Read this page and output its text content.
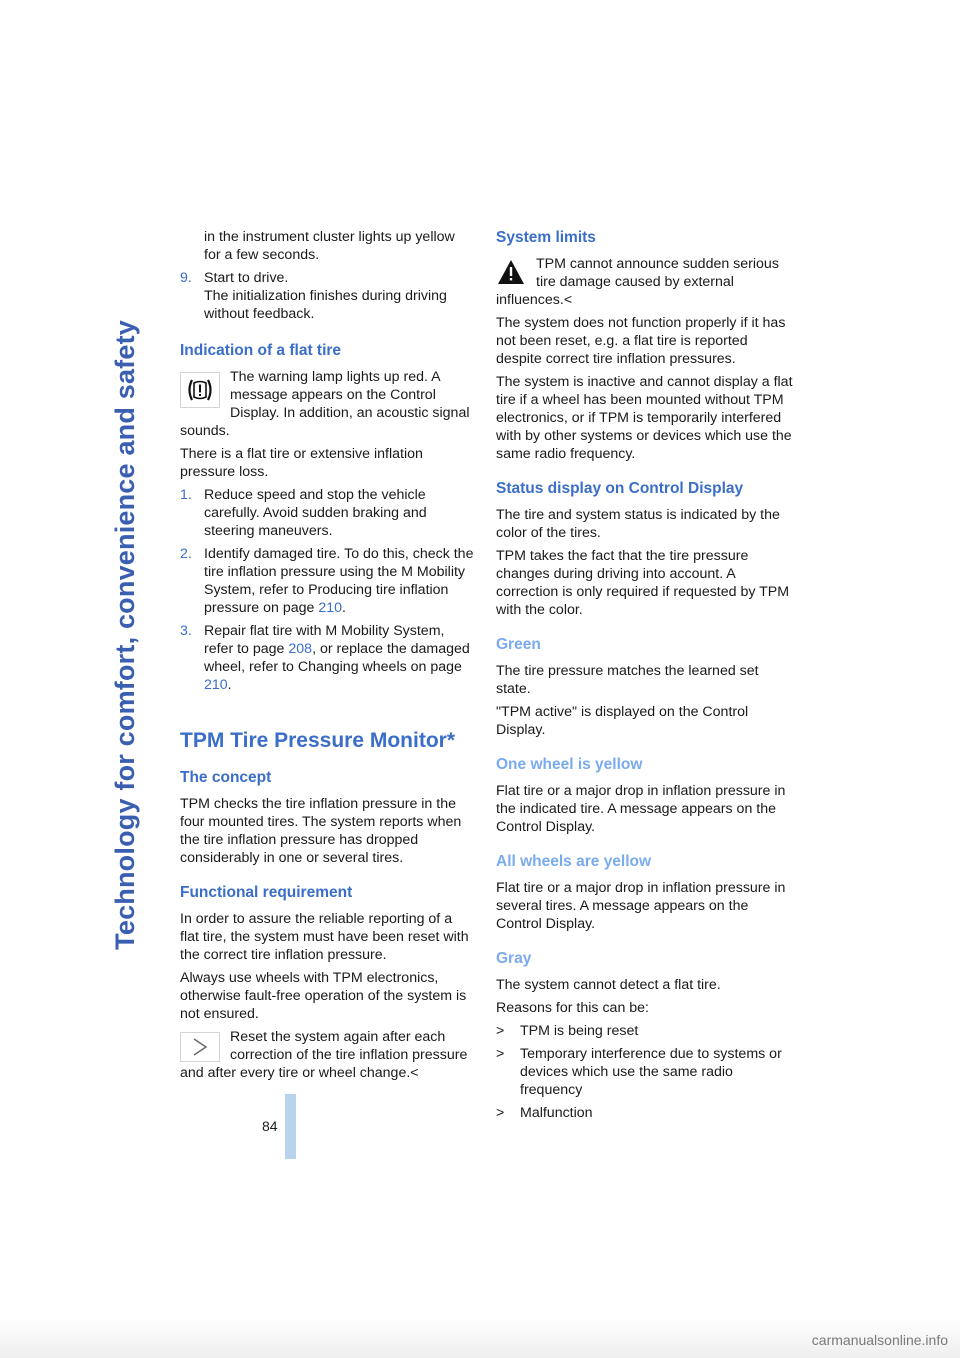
Technology for comfort, convenience and safety
84

in the instrument cluster lights up yellow for a few seconds.

9. Start to drive.
The initialization finishes during driving without feedback.
Indication of a flat tire
The warning lamp lights up red. A message appears on the Control Display. In addition, an acoustic signal sounds.

There is a flat tire or extensive inflation pressure loss.

1. Reduce speed and stop the vehicle carefully. Avoid sudden braking and steering maneuvers.
2. Identify damaged tire. To do this, check the tire inflation pressure using the M Mobility System, refer to Producing tire inflation pressure on page 210.
3. Repair flat tire with M Mobility System, refer to page 208, or replace the damaged wheel, refer to Changing wheels on page 210.
TPM Tire Pressure Monitor*
The concept

TPM checks the tire inflation pressure in the four mounted tires. The system reports when the tire inflation pressure has dropped considerably in one or several tires.

Functional requirement

In order to assure the reliable reporting of a flat tire, the system must have been reset with the correct tire inflation pressure.

Always use wheels with TPM electronics, otherwise fault-free operation of the system is not ensured.

Reset the system again after each correction of the tire inflation pressure and after every tire or wheel change.<
System limits
TPM cannot announce sudden serious tire damage caused by external influences.<

The system does not function properly if it has not been reset, e.g. a flat tire is reported despite correct tire inflation pressures.

The system is inactive and cannot display a flat tire if a wheel has been mounted without TPM electronics, or if TPM is temporarily interfered with by other systems or devices which use the same radio frequency.

Status display on Control Display

The tire and system status is indicated by the color of the tires.

TPM takes the fact that the tire pressure changes during driving into account. A correction is only required if requested by TPM with the color.

Green

The tire pressure matches the learned set state.

"TPM active" is displayed on the Control Display.

One wheel is yellow

Flat tire or a major drop in inflation pressure in the indicated tire. A message appears on the Control Display.

All wheels are yellow

Flat tire or a major drop in inflation pressure in several tires. A message appears on the Control Display.

Gray

The system cannot detect a flat tire.

Reasons for this can be:

>	TPM is being reset
>	Temporary interference due to systems or devices which use the same radio frequency
>	Malfunction
carmanualsonline.info
